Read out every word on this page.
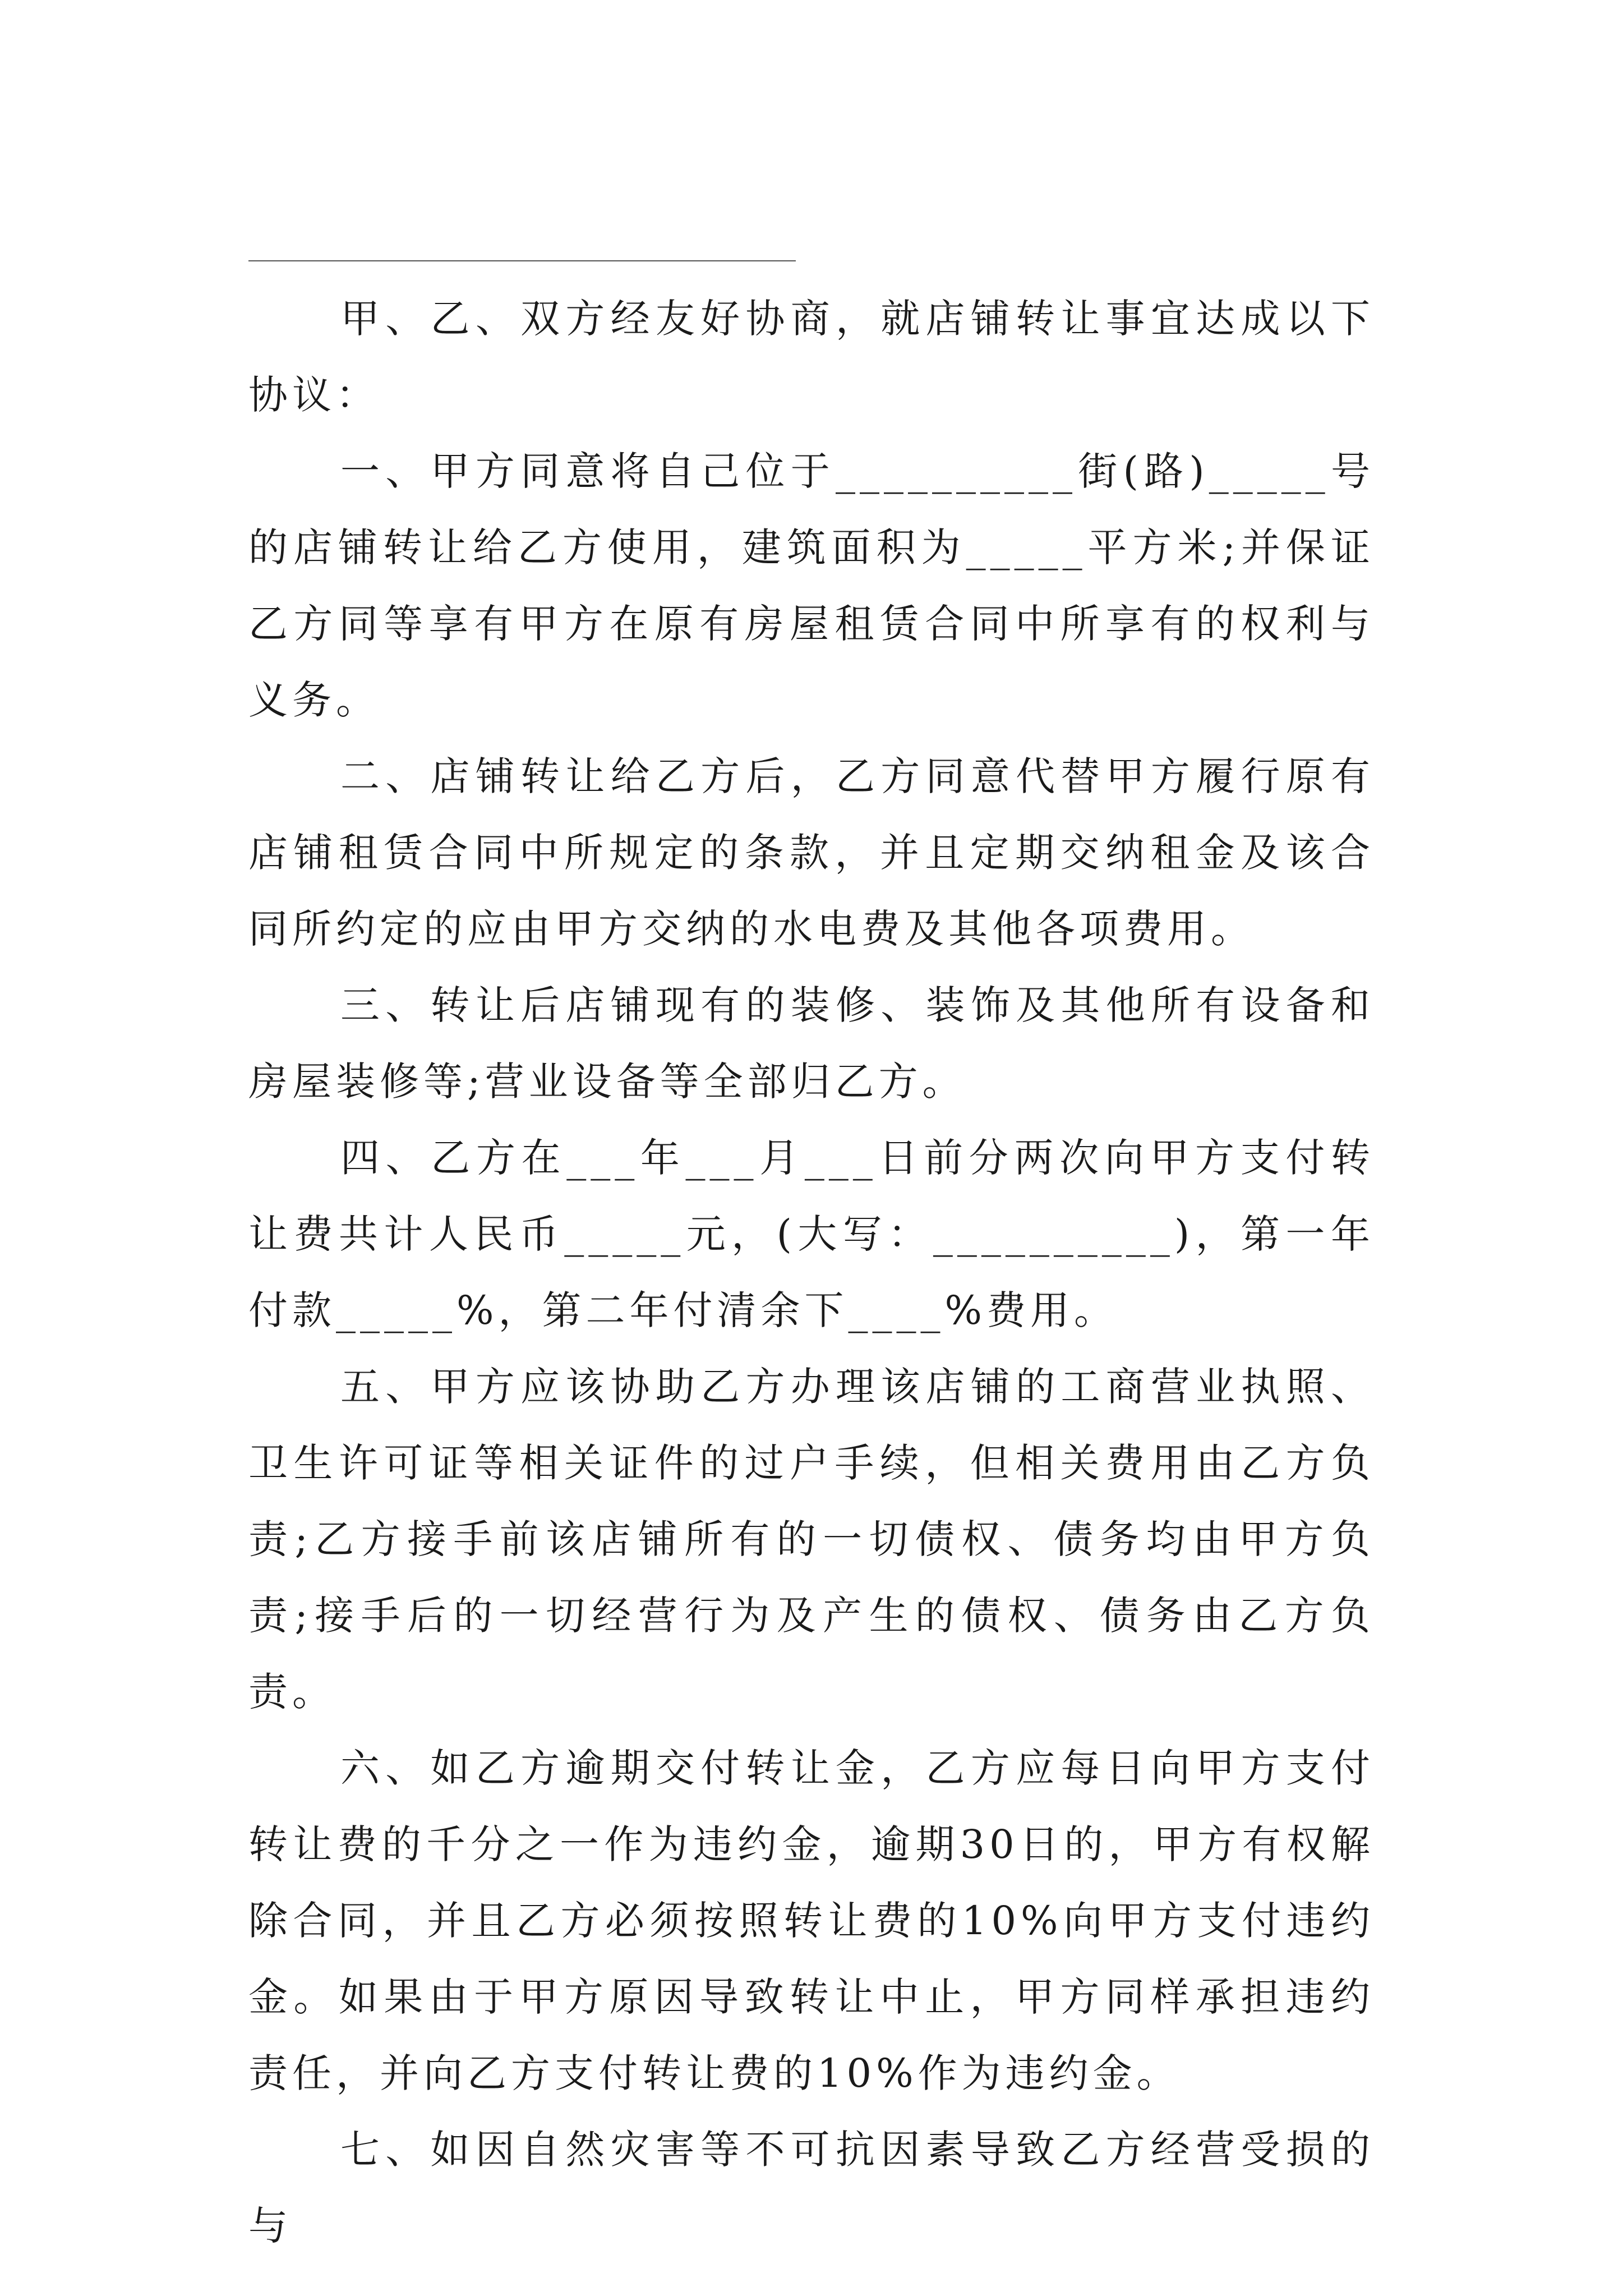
甲、乙、双方经友好协商，就店铺转让事宜达成以下协议：

一、甲方同意将自己位于__________街(路)_____号的店铺转让给乙方使用，建筑面积为_____平方米;并保证乙方同等享有甲方在原有房屋租赁合同中所享有的权利与义务。

二、店铺转让给乙方后，乙方同意代替甲方履行原有店铺租赁合同中所规定的条款，并且定期交纳租金及该合同所约定的应由甲方交纳的水电费及其他各项费用。

三、转让后店铺现有的装修、装饰及其他所有设备和房屋装修等;营业设备等全部归乙方。

四、乙方在___年___月___日前分两次向甲方支付转让费共计人民币_____元，(大写：__________)，第一年付款_____%，第二年付清余下____%费用。

五、甲方应该协助乙方办理该店铺的工商营业执照、卫生许可证等相关证件的过户手续，但相关费用由乙方负责;乙方接手前该店铺所有的一切债权、债务均由甲方负责;接手后的一切经营行为及产生的债权、债务由乙方负责。

六、如乙方逾期交付转让金，乙方应每日向甲方支付转让费的千分之一作为违约金，逾期30日的，甲方有权解除合同，并且乙方必须按照转让费的10%向甲方支付违约金。如果由于甲方原因导致转让中止，甲方同样承担违约责任，并向乙方支付转让费的10%作为违约金。

七、如因自然灾害等不可抗因素导致乙方经营受损的与
